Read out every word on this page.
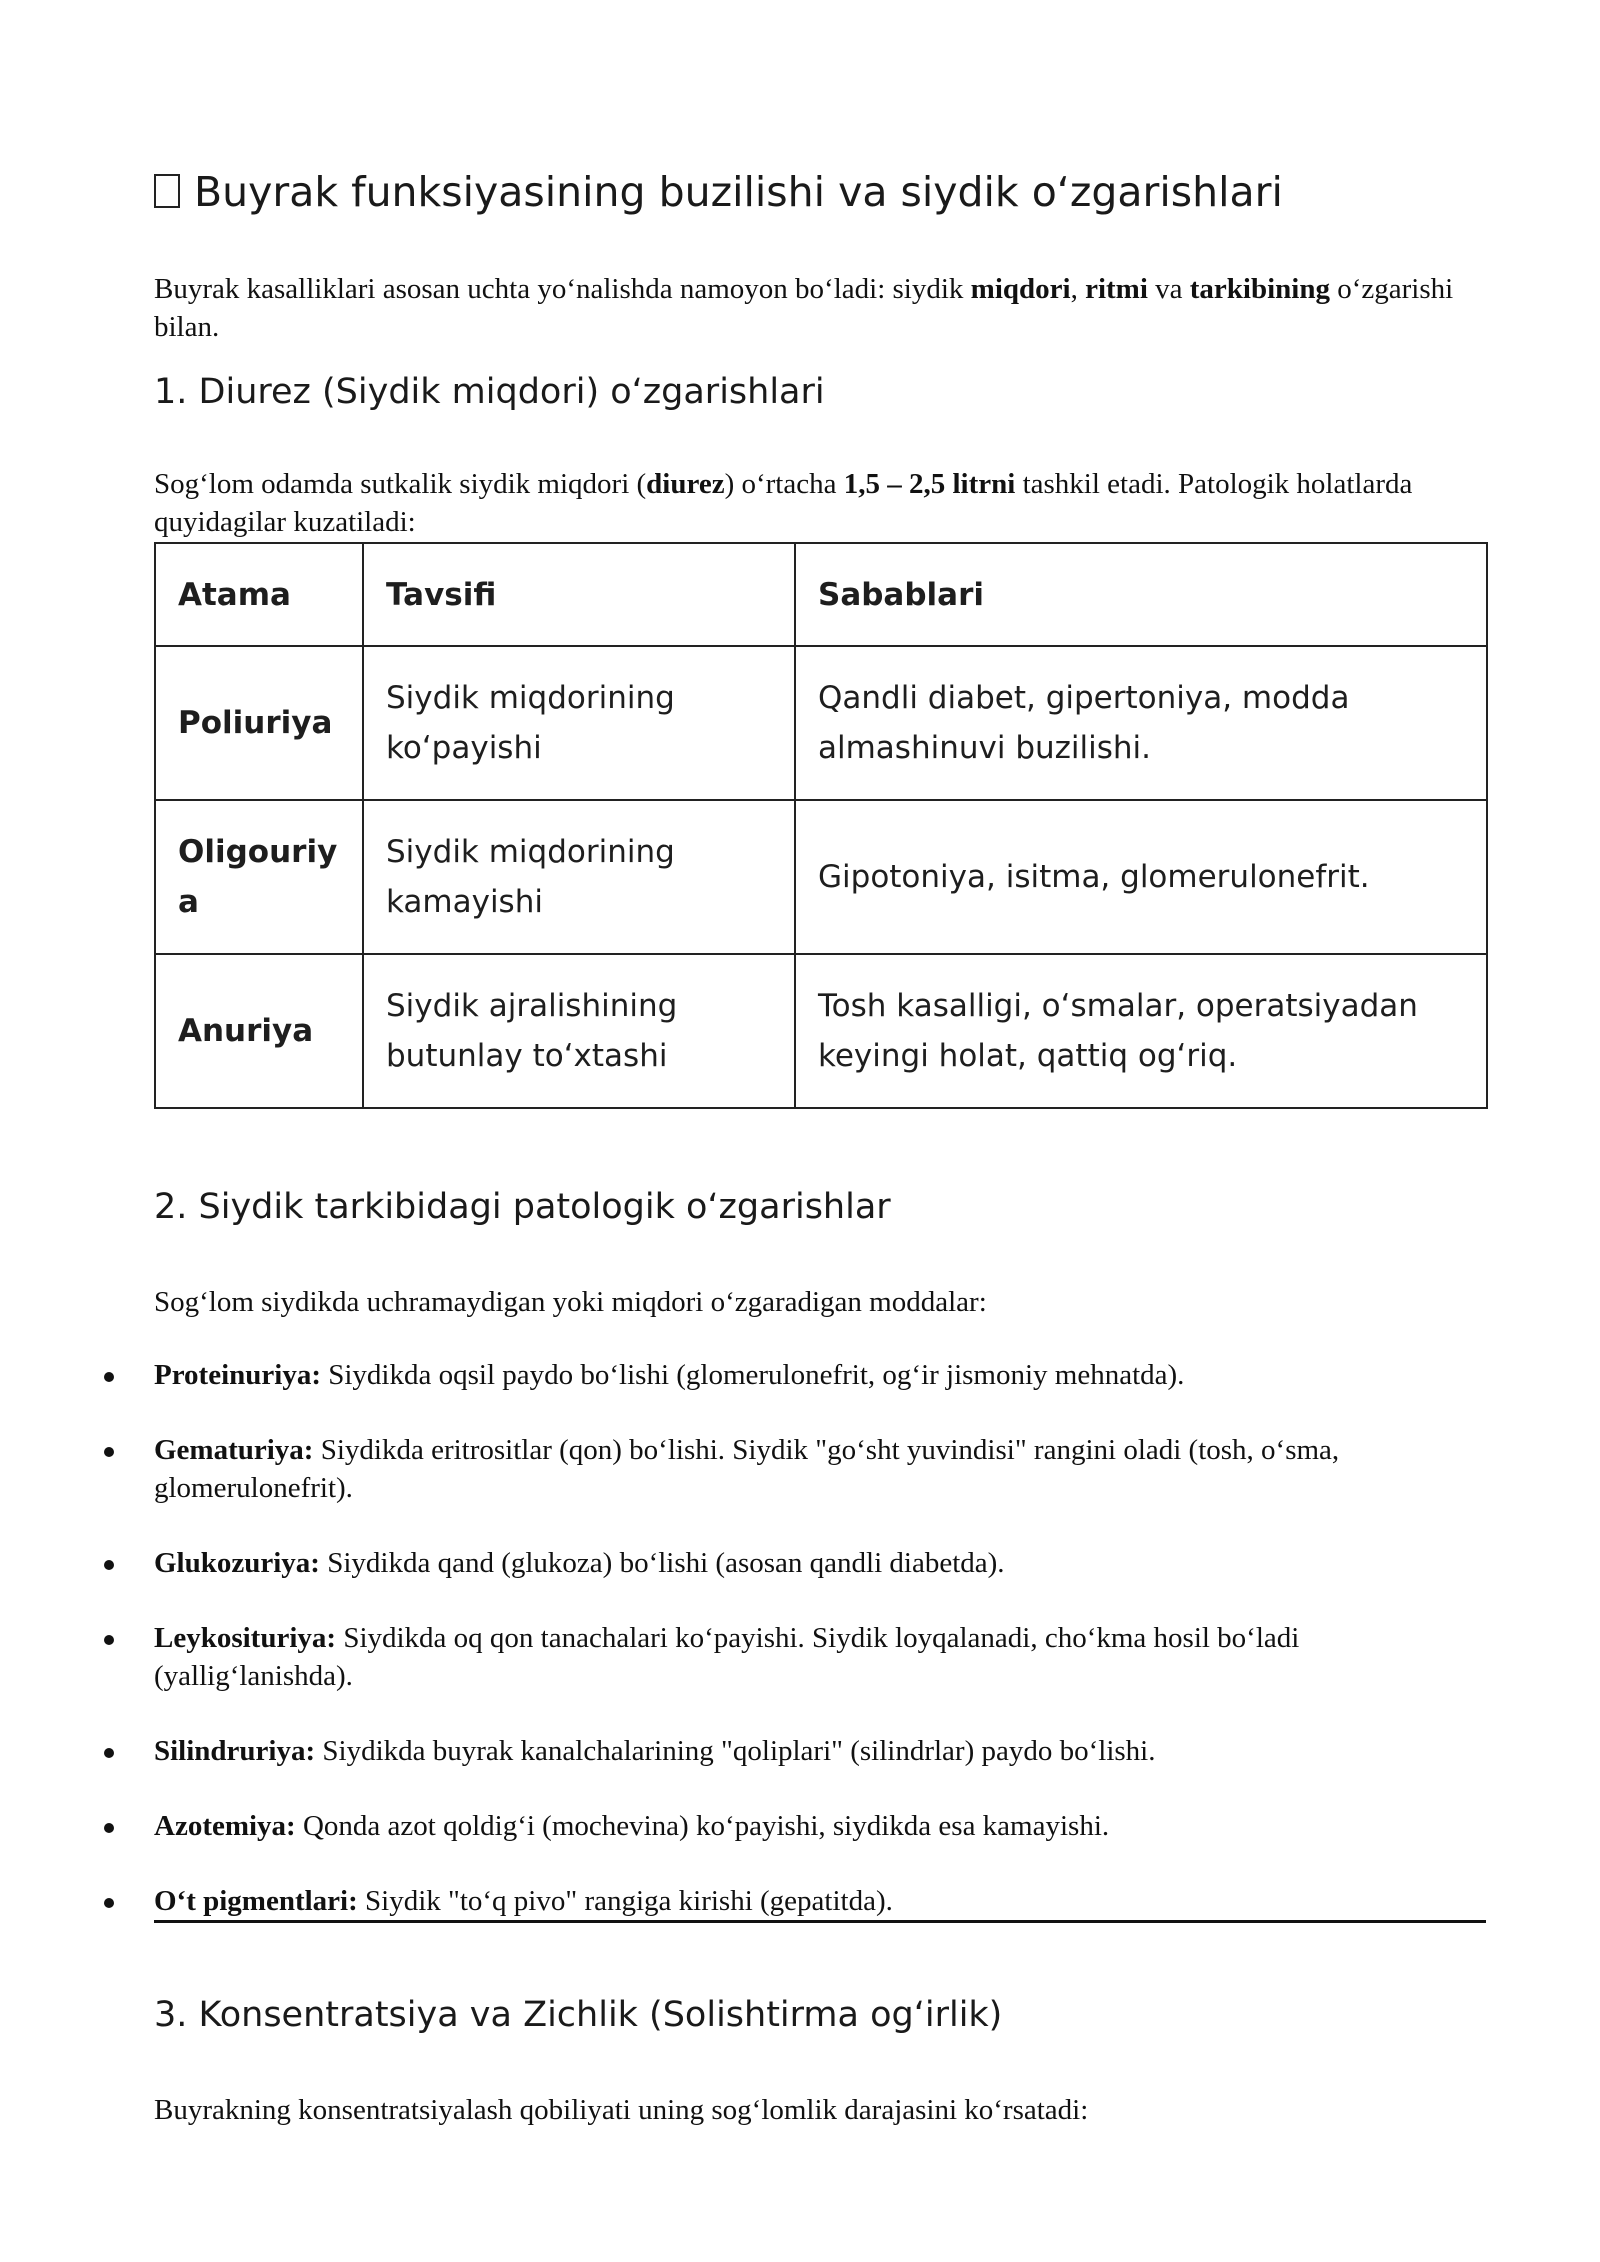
Buyrak funksiyasining buzilishi va siydik oʻzgarishlari

Buyrak kasalliklari asosan uchta yoʻnalishda namoyon boʻladi: siydik miqdori, ritmi va tarkibining oʻzgarishi bilan.

1. Diurez (Siydik miqdori) oʻzgarishlari

Sogʻlom odamda sutkalik siydik miqdori (diurez) oʻrtacha 1,5 – 2,5 litrni tashkil etadi. Patologik holatlarda quyidagilar kuzatiladi:

Atama	Tavsifi	Sabablari
Poliuriya	Siydik miqdorining koʻpayishi	Qandli diabet, gipertoniya, modda almashinuvi buzilishi.
Oligouriya	Siydik miqdorining kamayishi	Gipotoniya, isitma, glomerulonefrit.
Anuriya	Siydik ajralishining butunlay toʻxtashi	Tosh kasalligi, oʻsmalar, operatsiyadan keyingi holat, qattiq ogʻriq.
2. Siydik tarkibidagi patologik oʻzgarishlar

Sogʻlom siydikda uchramaydigan yoki miqdori oʻzgaradigan moddalar:

Proteinuriya: Siydikda oqsil paydo boʻlishi (glomerulonefrit, ogʻir jismoniy mehnatda).
Gematuriya: Siydikda eritrositlar (qon) boʻlishi. Siydik "goʻsht yuvindisi" rangini oladi (tosh, oʻsma, glomerulonefrit).
Glukozuriya: Siydikda qand (glukoza) boʻlishi (asosan qandli diabetda).
Leykosituriya: Siydikda oq qon tanachalari koʻpayishi. Siydik loyqalanadi, choʻkma hosil boʻladi (yalligʻlanishda).
Silindruriya: Siydikda buyrak kanalchalarining "qoliplari" (silindrlar) paydo boʻlishi.
Azotemiya: Qonda azot qoldigʻi (mochevina) koʻpayishi, siydikda esa kamayishi.
Oʻt pigmentlari: Siydik "toʻq pivo" rangiga kirishi (gepatitda).
3. Konsentratsiya va Zichlik (Solishtirma ogʻirlik)

Buyrakning konsentratsiyalash qobiliyati uning sogʻlomlik darajasini koʻrsatadi:
